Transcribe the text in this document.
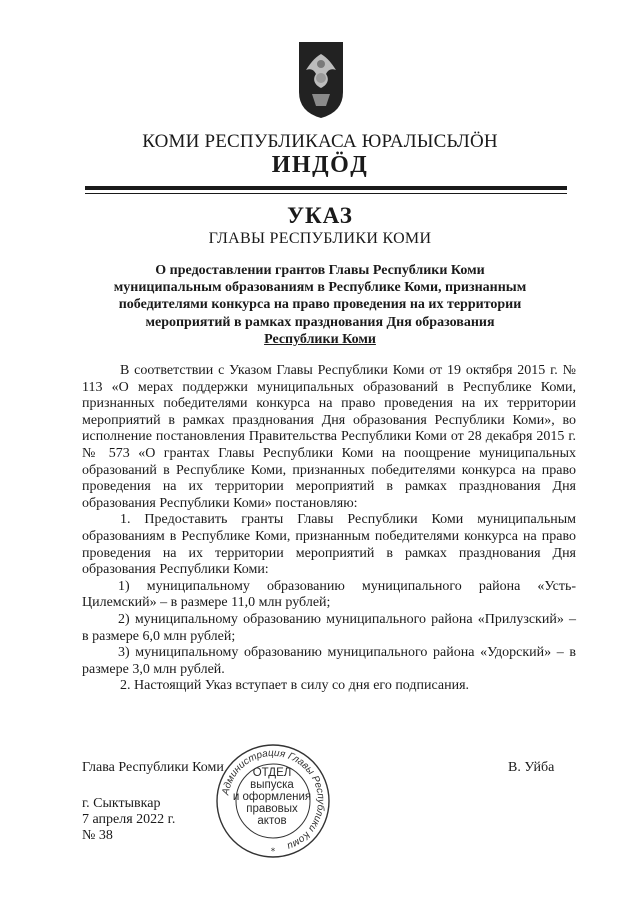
КОМИ РЕСПУБЛИКАСА ЮРАЛЫСЬЛÖН
ИНДÖД
УКАЗ
ГЛАВЫ РЕСПУБЛИКИ КОМИ
О предоставлении грантов Главы Республики Коми
муниципальным образованиям в Республике Коми, признанным
победителями конкурса на право проведения на их территории
мероприятий в рамках празднования Дня образования
Республики Коми

В соответствии с Указом Главы Республики Коми от 19 октября 2015 г. № 113 «О мерах поддержки муниципальных образований в Республике Коми, признанных победителями конкурса на право проведения на их территории мероприятий в рамках празднования Дня образования Республики Коми», во исполнение постановления Правительства Республики Коми от 28 декабря 2015 г. № 573 «О грантах Главы Республики Коми на поощрение муниципальных образований в Республике Коми, признанных победителями конкурса на право проведения на их территории мероприятий в рамках празднования Дня образования Республики Коми» постановляю:

1. Предоставить гранты Главы Республики Коми муниципальным образованиям в Республике Коми, признанным победителями конкурса на право проведения на их территории мероприятий в рамках празднования Дня образования Республики Коми:

1) муниципальному образованию муниципального района «Усть-Цилемский» – в размере 11,0 млн рублей;

2) муниципальному образованию муниципального района «Прилузский» – в размере 6,0 млн рублей;

3) муниципальному образованию муниципального района «Удорский» – в размере 3,0 млн рублей.

2. Настоящий Указ вступает в силу со дня его подписания.

Глава Республики Коми	В. Уйба
г. Сыктывкар
7 апреля 2022 г.
№ 38
Администрация Главы Республики Коми
*
ОТДЕЛ
выпуска
и оформления
правовых
актов
